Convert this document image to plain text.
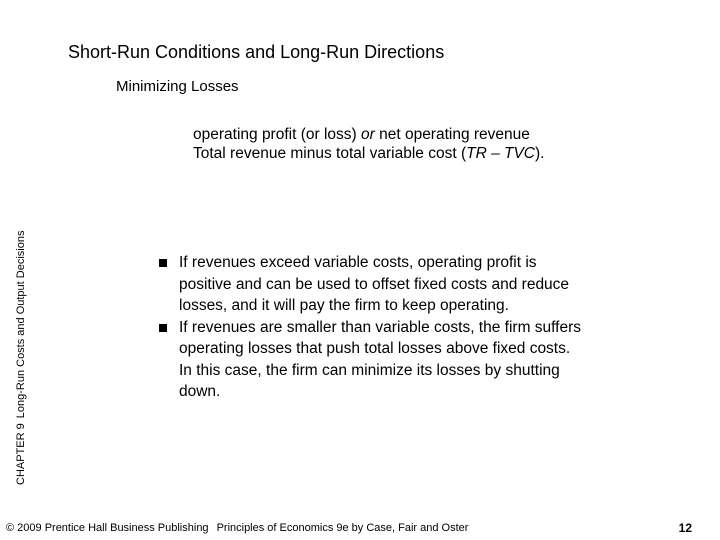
Short-Run Conditions and Long-Run Directions
Minimizing Losses
CHAPTER 9Long-Run Costs and Output Decisions
operating profit (or loss) or net operating revenue Total revenue minus total variable cost (TR – TVC).
If revenues exceed variable costs, operating profit is positive and can be used to offset fixed costs and reduce losses, and it will pay the firm to keep operating.
If revenues are smaller than variable costs, the firm suffers operating losses that push total losses above fixed costs. In this case, the firm can minimize its losses by shutting down.
© 2009 Prentice Hall Business Publishing Principles of Economics 9e by Case, Fair and Oster	12
